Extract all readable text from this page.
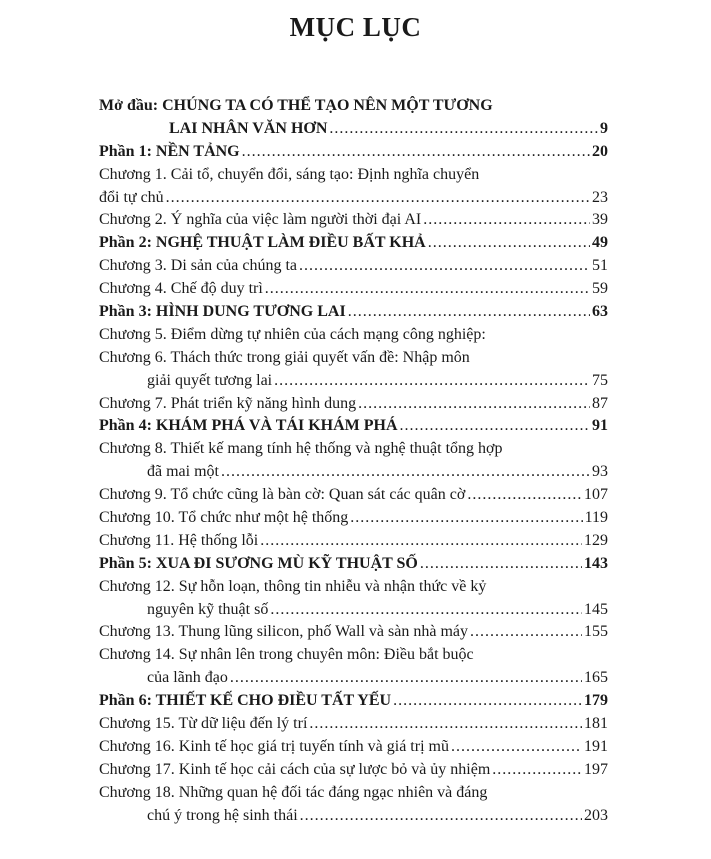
MỤC LỤC
Mở đầu: CHÚNG TA CÓ THỂ TẠO NÊN MỘT TƯƠNG
LAI NHÂN VĂN HƠN .....	9
Phần 1: NỀN TẢNG .....	20
Chương 1. Cải tổ, chuyển đổi, sáng tạo: Định nghĩa chuyển
đổi tự chủ .....	23
Chương 2. Ý nghĩa của việc làm người thời đại AI .....	39
Phần 2: NGHỆ THUẬT LÀM ĐIỀU BẤT KHẢ .....	49
Chương 3. Di sản của chúng ta .....	51
Chương 4. Chế độ duy trì .....	59
Phần 3: HÌNH DUNG TƯƠNG LAI .....	63
Chương 5. Điểm dừng tự nhiên của cách mạng công nghiệp:
Chương 6. Thách thức trong giải quyết vấn đề: Nhập môn
giải quyết tương lai .....	75
Chương 7. Phát triển kỹ năng hình dung .....	87
Phần 4: KHÁM PHÁ VÀ TÁI KHÁM PHÁ .....	91
Chương 8. Thiết kế mang tính hệ thống và nghệ thuật tổng hợp
đã mai một .....	93
Chương 9. Tổ chức cũng là bàn cờ: Quan sát các quân cờ .....	107
Chương 10. Tổ chức như một hệ thống .....	119
Chương 11. Hệ thống lỗi .....	129
Phần 5: XUA ĐI SƯƠNG MÙ KỸ THUẬT SỐ .....	143
Chương 12. Sự hỗn loạn, thông tin nhiễu và nhận thức về kỷ
nguyên kỹ thuật số .....	145
Chương 13. Thung lũng silicon, phố Wall và sàn nhà máy .....	155
Chương 14. Sự nhân lên trong chuyên môn: Điều bắt buộc
của lãnh đạo .....	165
Phần 6: THIẾT KẾ CHO ĐIỀU TẤT YẾU .....	179
Chương 15. Từ dữ liệu đến lý trí .....	181
Chương 16. Kinh tế học giá trị tuyến tính và giá trị mũ .....	191
Chương 17. Kinh tế học cải cách của sự lược bỏ và ủy nhiệm .....	197
Chương 18. Những quan hệ đối tác đáng ngạc nhiên và đáng
chú ý trong hệ sinh thái .....	203
